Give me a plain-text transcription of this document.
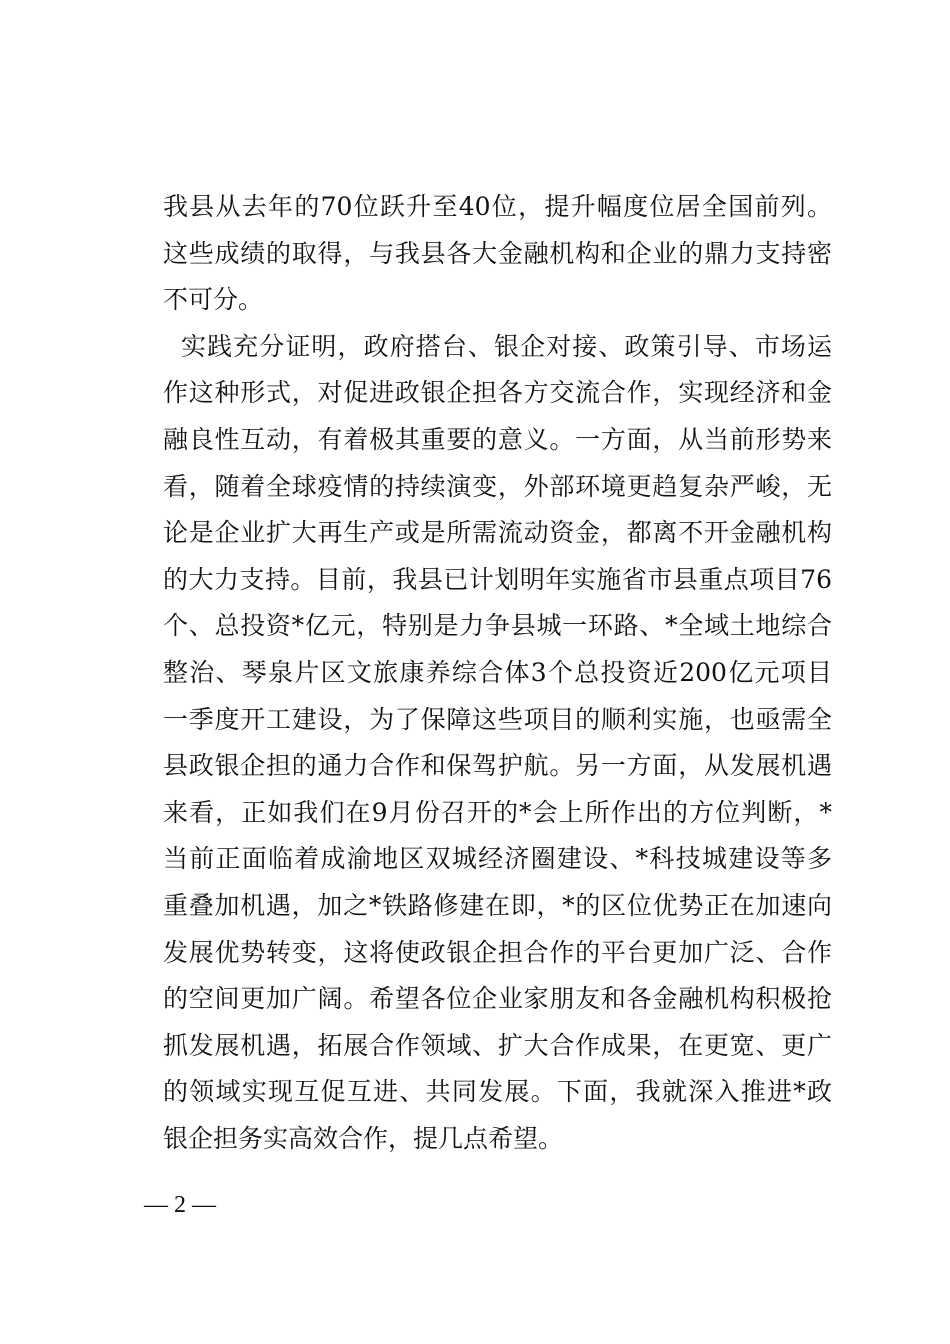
我县从去年的70位跃升至40位，提升幅度位居全国前列。
这些成绩的取得，与我县各大金融机构和企业的鼎力支持密
不可分。
实践充分证明，政府搭台、银企对接、政策引导、市场运
作这种形式，对促进政银企担各方交流合作，实现经济和金
融良性互动，有着极其重要的意义。一方面，从当前形势来
看，随着全球疫情的持续演变，外部环境更趋复杂严峻，无
论是企业扩大再生产或是所需流动资金，都离不开金融机构
的大力支持。目前，我县已计划明年实施省市县重点项目76
个、总投资*亿元，特别是力争县城一环路、*全域土地综合
整治、琴泉片区文旅康养综合体3个总投资近200亿元项目
一季度开工建设，为了保障这些项目的顺利实施，也亟需全
县政银企担的通力合作和保驾护航。另一方面，从发展机遇
来看，正如我们在9月份召开的*会上所作出的方位判断，*
当前正面临着成渝地区双城经济圈建设、*科技城建设等多
重叠加机遇，加之*铁路修建在即，*的区位优势正在加速向
发展优势转变，这将使政银企担合作的平台更加广泛、合作
的空间更加广阔。希望各位企业家朋友和各金融机构积极抢
抓发展机遇，拓展合作领域、扩大合作成果，在更宽、更广
的领域实现互促互进、共同发展。下面，我就深入推进*政
银企担务实高效合作，提几点希望。
— 2 —
